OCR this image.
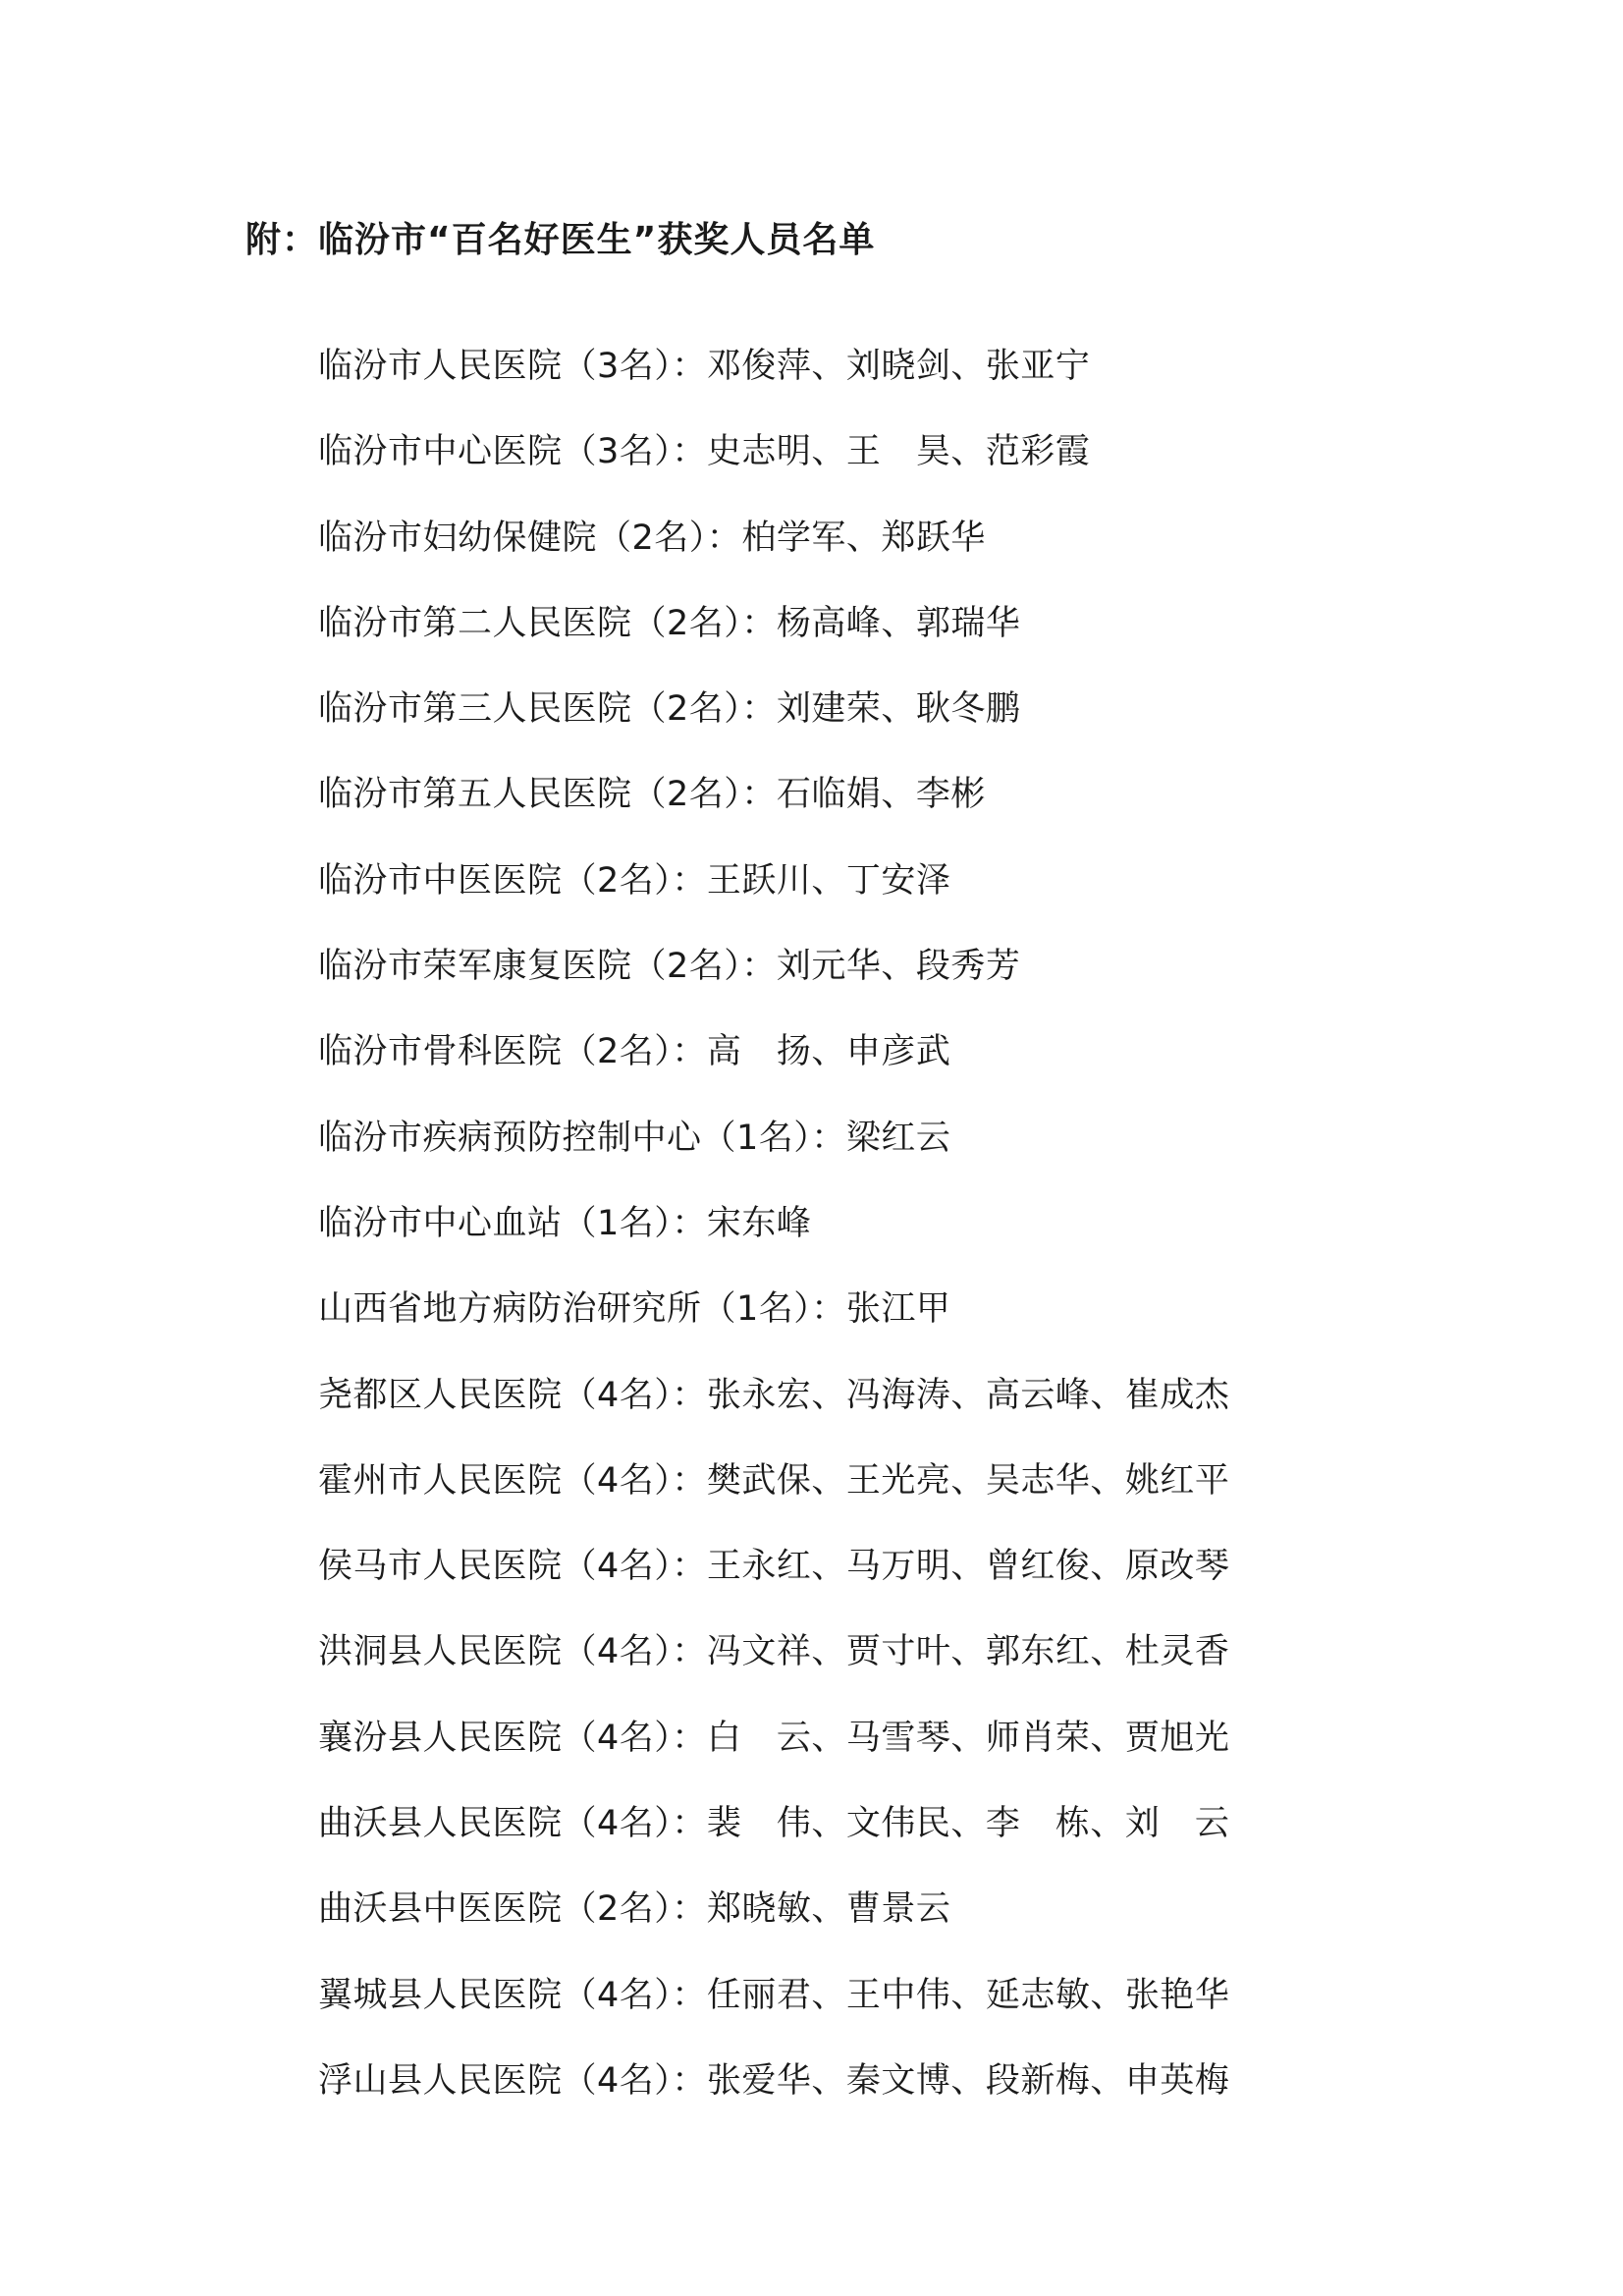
附：临汾市“百名好医生”获奖人员名单
临汾市人民医院（3名）：邓俊萍、刘晓剑、张亚宁
临汾市中心医院（3名）：史志明、王　昊、范彩霞
临汾市妇幼保健院（2名）：柏学军、郑跃华
临汾市第二人民医院（2名）：杨高峰、郭瑞华
临汾市第三人民医院（2名）：刘建荣、耿冬鹏
临汾市第五人民医院（2名）：石临娟、李彬
临汾市中医医院（2名）：王跃川、丁安泽
临汾市荣军康复医院（2名）：刘元华、段秀芳
临汾市骨科医院（2名）：高　扬、申彦武
临汾市疾病预防控制中心（1名）：梁红云
临汾市中心血站（1名）：宋东峰
山西省地方病防治研究所（1名）：张江甲
尧都区人民医院（4名）：张永宏、冯海涛、高云峰、崔成杰
霍州市人民医院（4名）：樊武保、王光亮、吴志华、姚红平
侯马市人民医院（4名）：王永红、马万明、曾红俊、原改琴
洪洞县人民医院（4名）：冯文祥、贾寸叶、郭东红、杜灵香
襄汾县人民医院（4名）：白　云、马雪琴、师肖荣、贾旭光
曲沃县人民医院（4名）：裴　伟、文伟民、李　栋、刘　云
曲沃县中医医院（2名）：郑晓敏、曹景云
翼城县人民医院（4名）：任丽君、王中伟、延志敏、张艳华
浮山县人民医院（4名）：张爱华、秦文博、段新梅、申英梅
